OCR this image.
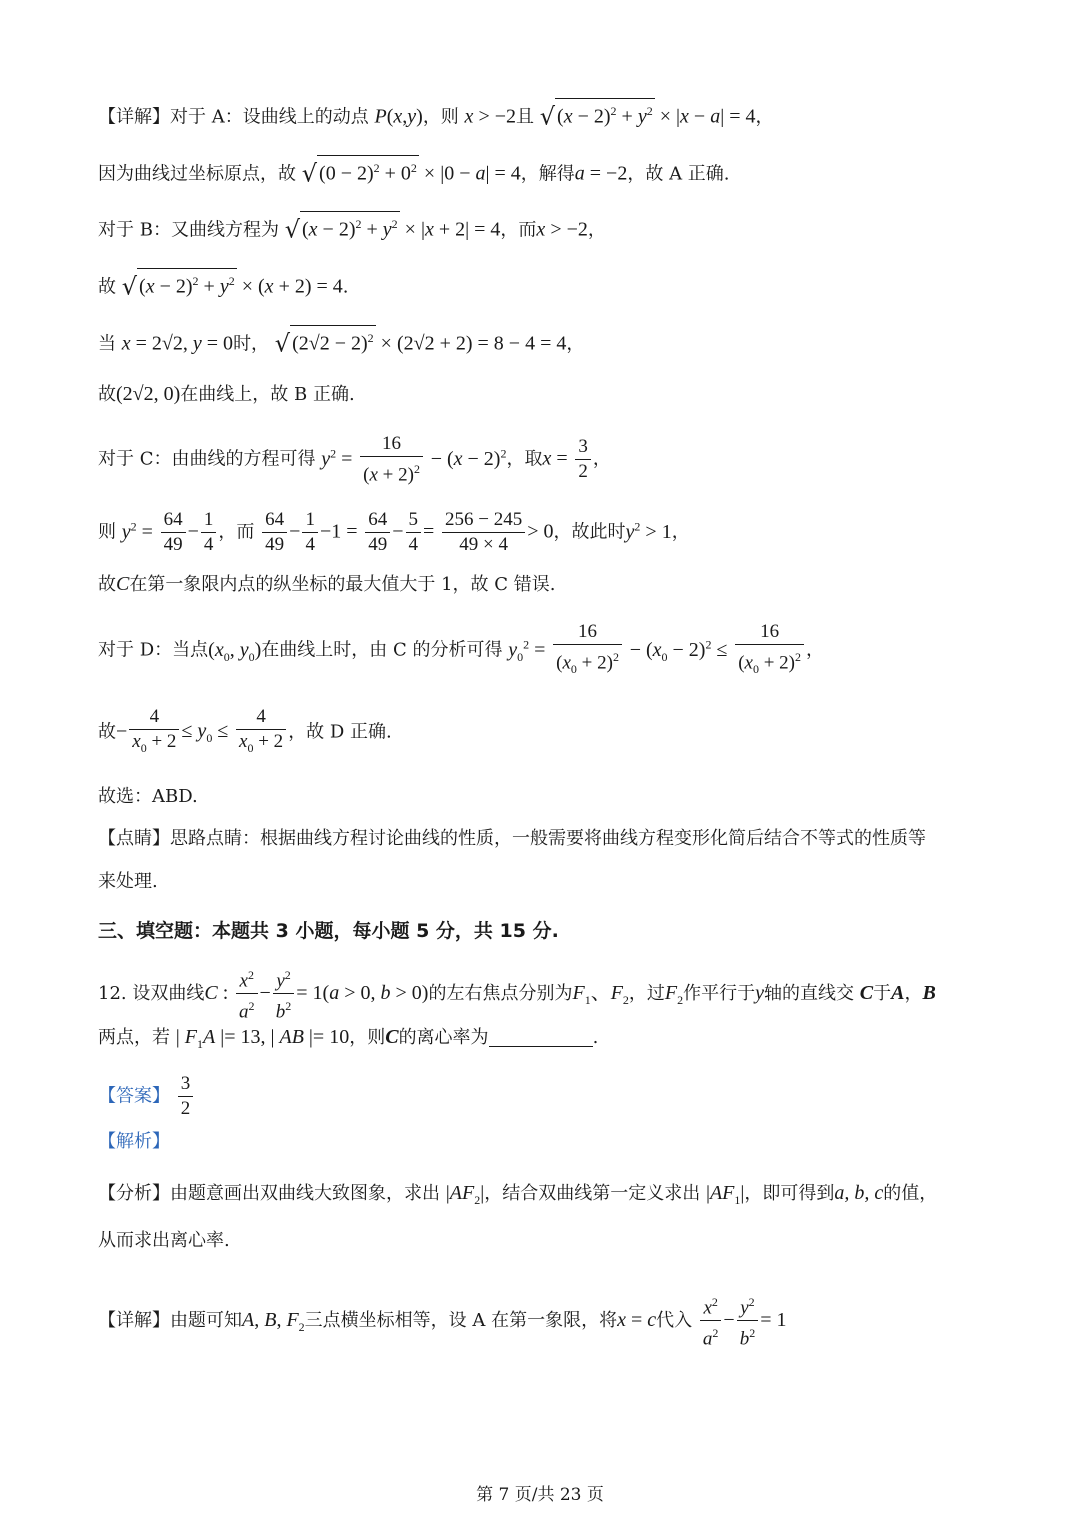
【详解】对于 A：设曲线上的动点 P(x,y)，则 x > −2且 √ $(x - 2)^2 + y^2 \times |x - a| = 4$，
因为曲线过坐标原点，故 √ $(0 - 2)^2 + 0^2 \times |0 - a| = 4$，解得a = −2，故 A 正确.
对于 B：又曲线方程为 √ $(x - 2)^2 + y^2 \times |x + 2| = 4$，而x > −2，
故 √ $(x - 2)^2 + y^2 \times (x + 2) = 4$.
当 x = 2√2, y = 0时， √ $(2√2 - 2)^2 \times (2√2 + 2) = 8 - 4 = 4$，
故(2√2, 0)在曲线上，故 B 正确.
对于 C：由曲线的方程可得 $y^2 = \frac{16}{(x + 2)^2} - (x - 2)^2$，取$x = \frac{3}{2}$ ，
则 $y^2 = \frac{64}{49} - \frac{1}{4}$ ，而 $\frac{64}{49} - \frac{1}{4} -1 = \frac{64}{49} - \frac{5}{4} = \frac{256 - 245}{49 \times 4} > 0$，故此时$y^2 > 1$，
故C在第一象限内点的纵坐标的最大值大于 1，故 C 错误.
对于 D：当点($x_0$, $y_0$)在曲线上时，由 C 的分析可得 $y_0^2 = \frac{16}{(x_0 + 2)^2} - (x_0 - 2)^2 \le \frac{16}{(x_0 + 2)^2}$ ，
故− $\frac{4}{x_0 + 2} \le y_0 \le \frac{4}{x_0 + 2}$ ，故 D 正确.
故选：ABD.
【点睛】思路点睛：根据曲线方程讨论曲线的性质，一般需要将曲线方程变形化简后结合不等式的性质等
来处理.
三、填空题：本题共 3 小题，每小题 5 分，共 15 分.
12. 设双曲线C : $\frac{x^2}{a^2} - \frac{y^2}{b^2} = 1(a > 0$, b > 0)的左右焦点分别为$F_1$、$F_2$，过$F_2$作平行于y轴的直线交 C于A，B
两点，若 | $F_1A$ |= 13, | AB |= 10，则C的离心率为	.
【答案】 $\frac{3}{2}$
【解析】
【分析】由题意画出双曲线大致图象，求出 $|AF_2|$，结合双曲线第一定义求出 $|AF_1|$，即可得到a, b, c的值，
从而求出离心率.
【详解】由题可知A, B, $F_2$三点横坐标相等，设 A 在第一象限，将x = c代入 $\frac{x^2}{a^2} - \frac{y^2}{b^2} = 1$
第 7 页/共 23 页
